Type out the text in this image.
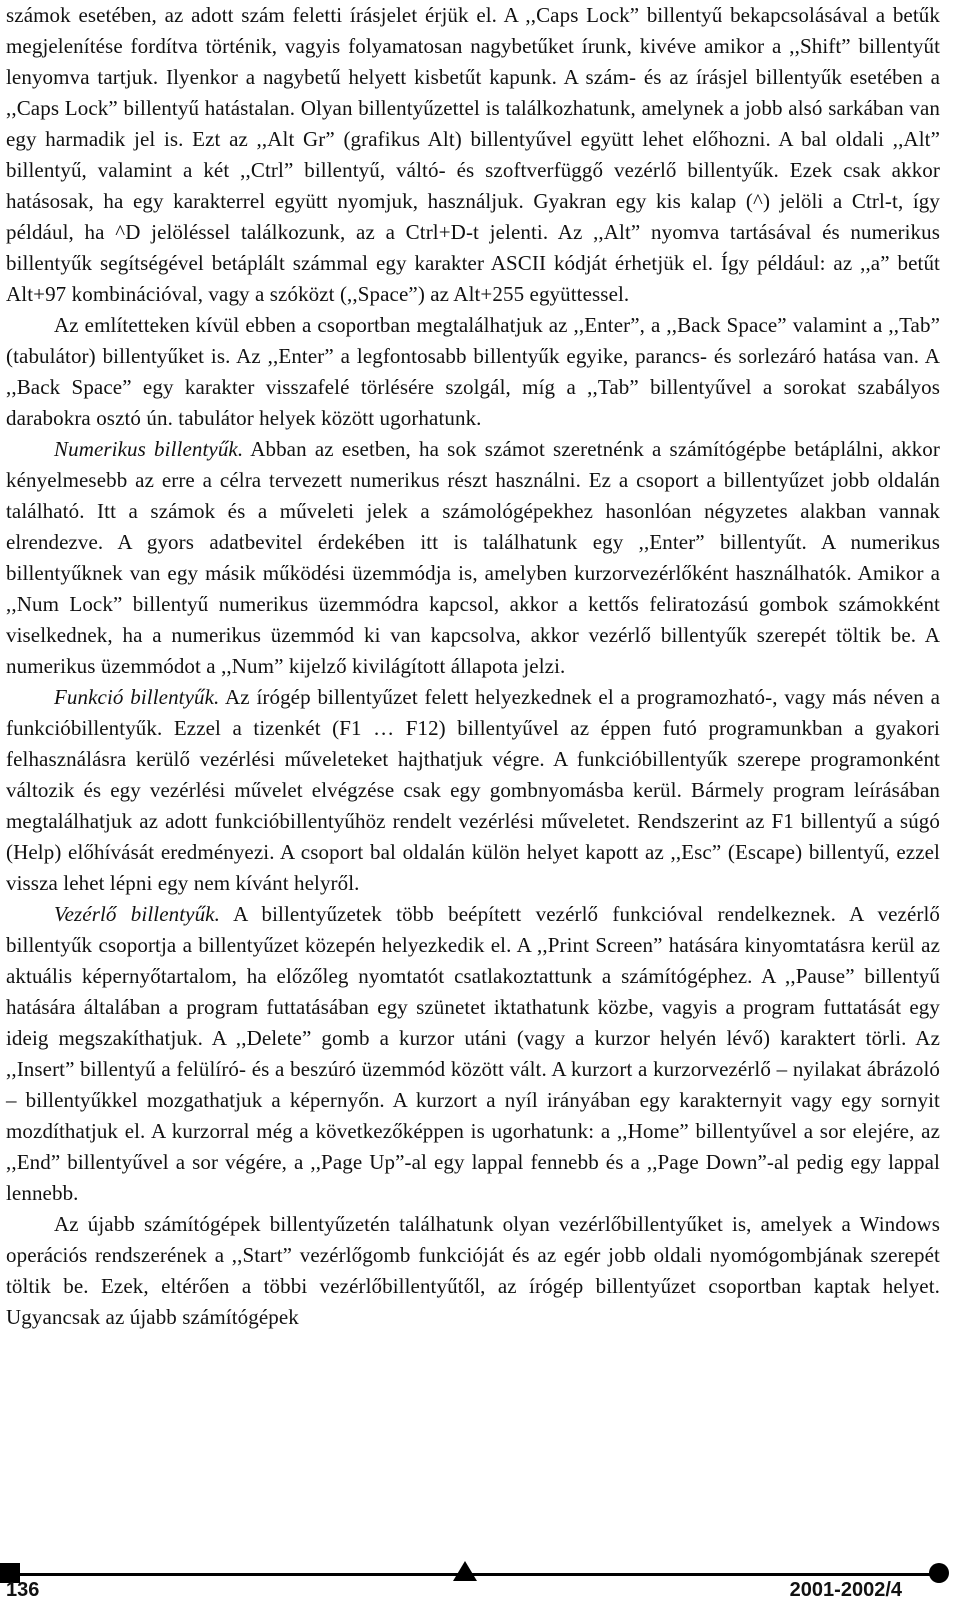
számok esetében, az adott szám feletti írásjelet érjük el. A ,,Caps Lock” billentyű bekapcsolásával a betűk megjelenítése fordítva történik, vagyis folyamatosan nagybetűket írunk, kivéve amikor a ,,Shift” billentyűt lenyomva tartjuk. Ilyenkor a nagybetű helyett kisbetűt kapunk. A szám- és az írásjel billentyűk esetében a ,,Caps Lock” billentyű hatástalan. Olyan billentyűzettel is találkozhatunk, amelynek a jobb alsó sarkában van egy harmadik jel is. Ezt az ,,Alt Gr” (grafikus Alt) billentyűvel együtt lehet előhozni. A bal oldali ,,Alt” billentyű, valamint a két ,,Ctrl” billentyű, váltó- és szoftverfüggő vezérlő billentyűk. Ezek csak akkor hatásosak, ha egy karakterrel együtt nyomjuk, használjuk. Gyakran egy kis kalap (^) jelöli a Ctrl-t, így például, ha ^D jelöléssel találkozunk, az a Ctrl+D-t jelenti. Az ,,Alt” nyomva tartásával és numerikus billentyűk segítségével betáplált számmal egy karakter ASCII kódját érhetjük el. Így például: az ,,a” betűt Alt+97 kombinációval, vagy a szóközt (,,Space”) az Alt+255 együttessel.

Az említetteken kívül ebben a csoportban megtalálhatjuk az ,,Enter”, a ,,Back Space” valamint a ,,Tab” (tabulátor) billentyűket is. Az ,,Enter” a legfontosabb billentyűk egyike, parancs- és sorlezáró hatása van. A ,,Back Space” egy karakter visszafelé törlésére szolgál, míg a ,,Tab” billentyűvel a sorokat szabályos darabokra osztó ún. tabulátor helyek között ugorhatunk.

Numerikus billentyűk. Abban az esetben, ha sok számot szeretnénk a számítógépbe betáplálni, akkor kényelmesebb az erre a célra tervezett numerikus részt használni. Ez a csoport a billentyűzet jobb oldalán található. Itt a számok és a műveleti jelek a számológépekhez hasonlóan négyzetes alakban vannak elrendezve. A gyors adatbevitel érdekében itt is találhatunk egy ,,Enter” billentyűt. A numerikus billentyűknek van egy másik működési üzemmódja is, amelyben kurzorvezérlőként használhatók. Amikor a ,,Num Lock” billentyű numerikus üzemmódra kapcsol, akkor a kettős feliratozású gombok számokként viselkednek, ha a numerikus üzemmód ki van kapcsolva, akkor vezérlő billentyűk szerepét töltik be. A numerikus üzemmódot a ,,Num” kijelző kivilágított állapota jelzi.

Funkció billentyűk. Az írógép billentyűzet felett helyezkednek el a programozható-, vagy más néven a funkcióbillentyűk. Ezzel a tizenkét (F1 … F12) billentyűvel az éppen futó programunkban a gyakori felhasználásra kerülő vezérlési műveleteket hajthatjuk végre. A funkcióbillentyűk szerepe programonként változik és egy vezérlési művelet elvégzése csak egy gombnyomásba kerül. Bármely program leírásában megtalálhatjuk az adott funkcióbillentyűhöz rendelt vezérlési műveletet. Rendszerint az F1 billentyű a súgó (Help) előhívását eredményezi. A csoport bal oldalán külön helyet kapott az ,,Esc” (Escape) billentyű, ezzel vissza lehet lépni egy nem kívánt helyről.

Vezérlő billentyűk. A billentyűzetek több beépített vezérlő funkcióval rendelkeznek. A vezérlő billentyűk csoportja a billentyűzet közepén helyezkedik el. A ,,Print Screen” hatására kinyomtatásra kerül az aktuális képernyőtartalom, ha előzőleg nyomtatót csatlakoztattunk a számítógéphez. A ,,Pause” billentyű hatására általában a program futtatásában egy szünetet iktathatunk közbe, vagyis a program futtatását egy ideig megszakíthatjuk. A ,,Delete” gomb a kurzor utáni (vagy a kurzor helyén lévő) karaktert törli. Az ,,Insert” billentyű a felülíró- és a beszúró üzemmód között vált. A kurzort a kurzorvezérlő – nyilakat ábrázoló – billentyűkkel mozgathatjuk a képernyőn. A kurzort a nyíl irányában egy karakternyit vagy egy sornyit mozdíthatjuk el. A kurzorral még a következőképpen is ugorhatunk: a ,,Home” billentyűvel a sor elejére, az ,,End” billentyűvel a sor végére, a ,,Page Up”-al egy lappal fennebb és a ,,Page Down”-al pedig egy lappal lennebb.

Az újabb számítógépek billentyűzetén találhatunk olyan vezérlőbillentyűket is, amelyek a Windows operációs rendszerének a ,,Start” vezérlőgomb funkcióját és az egér jobb oldali nyomógombjának szerepét töltik be. Ezek, eltérően a többi vezérlőbillentyűtől, az írógép billentyűzet csoportban kaptak helyet. Ugyancsak az újabb számítógépek

136	2001-2002/4
